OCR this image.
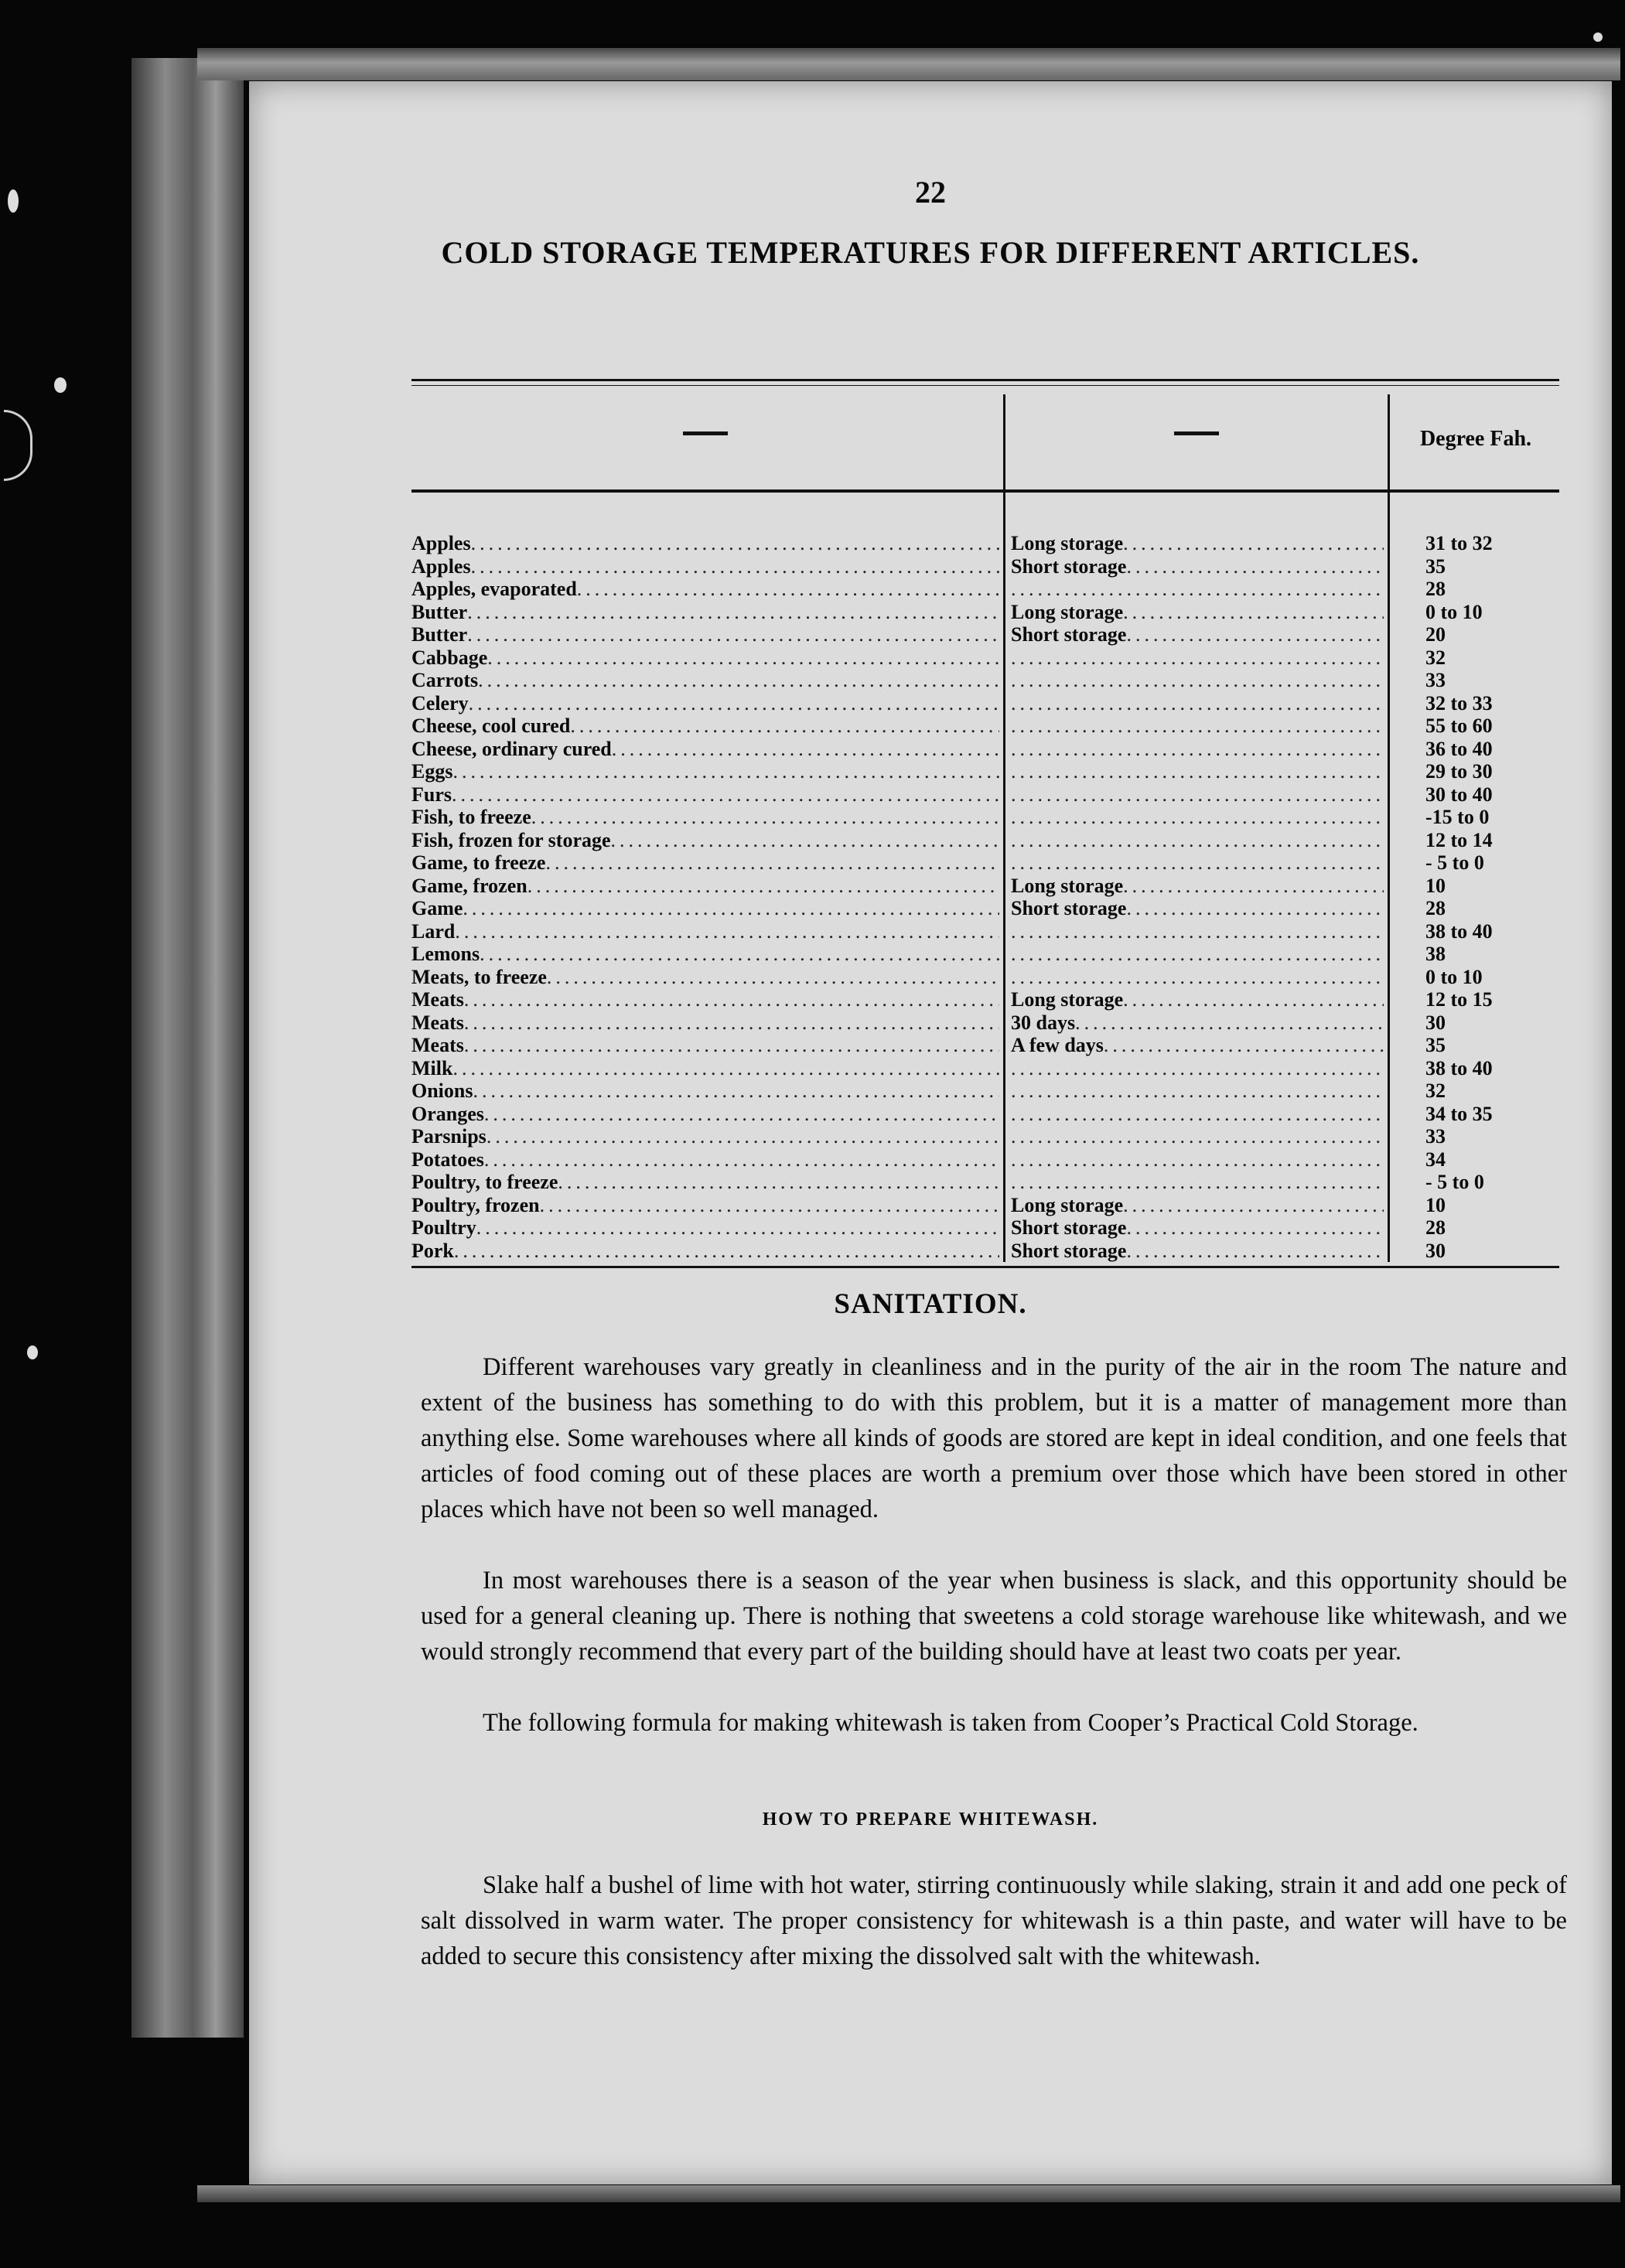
22
COLD STORAGE TEMPERATURES FOR DIFFERENT ARTICLES.
Degree Fah.
Apples .....	Long storage .....	31 to 32
Apples .....	Short storage .....	35
Apples, evaporated ..... .....	28
Butter .....	Long storage .....	0 to 10
Butter .....	Short storage .....	20
Cabbage ..... .....	32
Carrots ..... .....	33
Celery ..... .....	32 to 33
Cheese, cool cured ..... .....	55 to 60
Cheese, ordinary cured ..... .....	36 to 40
Eggs ..... .....	29 to 30
Furs ..... .....	30 to 40
Fish, to freeze ..... .....	-15 to 0
Fish, frozen for storage ..... .....	12 to 14
Game, to freeze ..... .....	- 5 to 0
Game, frozen .....	Long storage .....	10
Game .....	Short storage .....	28
Lard ..... .....	38 to 40
Lemons ..... .....	38
Meats, to freeze ..... .....	0 to 10
Meats .....	Long storage .....	12 to 15
Meats .....	30 days .....	30
Meats .....	A few days .....	35
Milk ..... .....	38 to 40
Onions ..... .....	32
Oranges ..... .....	34 to 35
Parsnips ..... .....	33
Potatoes ..... .....	34
Poultry, to freeze ..... .....	- 5 to 0
Poultry, frozen .....	Long storage .....	10
Poultry .....	Short storage .....	28
Pork .....	Short storage .....	30
SANITATION.

Different warehouses vary greatly in cleanliness and in the purity of the air in the room The nature and extent of the business has something to do with this problem, but it is a matter of management more than anything else. Some warehouses where all kinds of goods are stored are kept in ideal condition, and one feels that articles of food coming out of these places are worth a premium over those which have been stored in other places which have not been so well managed.

In most warehouses there is a season of the year when business is slack, and this opportunity should be used for a general cleaning up. There is nothing that sweetens a cold storage warehouse like whitewash, and we would strongly recommend that every part of the building should have at least two coats per year.

The following formula for making whitewash is taken from Cooper’s Practical Cold Storage.

HOW TO PREPARE WHITEWASH.

Slake half a bushel of lime with hot water, stirring continuously while slaking, strain it and add one peck of salt dissolved in warm water. The proper consistency for whitewash is a thin paste, and water will have to be added to secure this consistency after mixing the dissolved salt with the whitewash.
